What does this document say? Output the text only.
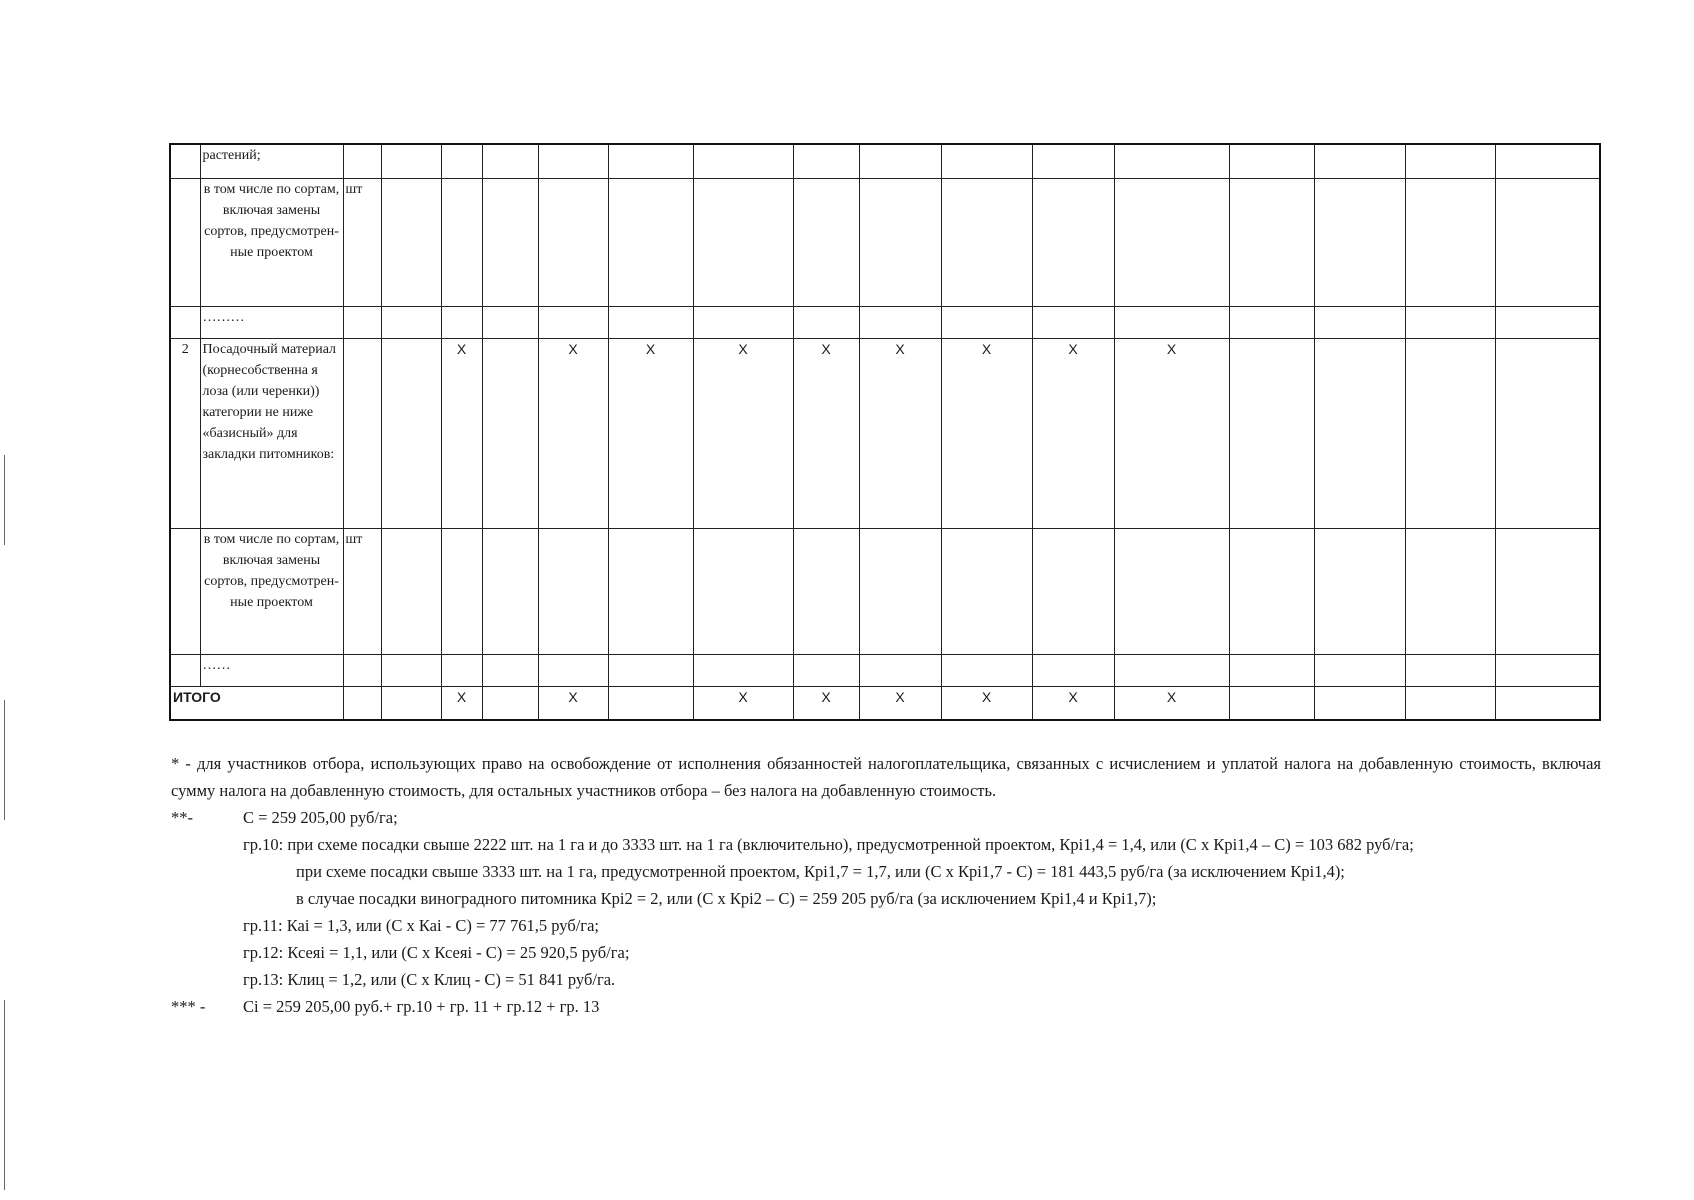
	растений;																
	в том числе по сортам, включая замены сортов, предусмотрен-ные проектом	шт															
	………																
2	Посадочный материал (корнесобственна я лоза (или черенки)) категории не ниже «базисный» для закладки питомников:			X		X	X	X	X	X	X	X	X				
	в том числе по сортам, включая замены сортов, предусмотрен-ные проектом	шт															
	……																
ИТОГО				X		X		X	X	X	X	X	X				

* - для участников отбора, использующих право на освобождение от исполнения обязанностей налогоплательщика, связанных с исчислением и уплатой налога на добавленную стоимость, включая сумму налога на добавленную стоимость, для остальных участников отбора – без налога на добавленную стоимость.

**-	С = 259 205,00 руб/га;

гр.10: при схеме посадки свыше 2222 шт. на 1 га и до 3333 шт. на 1 га (включительно), предусмотренной проектом, Кpi1,4 = 1,4, или (С x Кpi1,4 – С) = 103 682 руб/га;

при схеме посадки свыше 3333 шт. на 1 га, предусмотренной проектом, Кpi1,7 = 1,7, или (С x Кpi1,7 - С) = 181 443,5 руб/га (за исключением Кpi1,4);

в случае посадки виноградного питомника Кpi2 = 2, или (С x Кpi2 – С) = 259 205 руб/га (за исключением Кpi1,4 и Кpi1,7);

гр.11: Каi = 1,3, или (С x Каi - С) = 77 761,5 руб/га;

гр.12: Ксеяi = 1,1, или (С x Ксеяi - С) = 25 920,5 руб/га;

гр.13: Клиц = 1,2, или (С x Клиц - С) = 51 841 руб/га.

*** - Сi = 259 205,00 руб.+ гр.10 + гр. 11 + гр.12 + гр. 13
